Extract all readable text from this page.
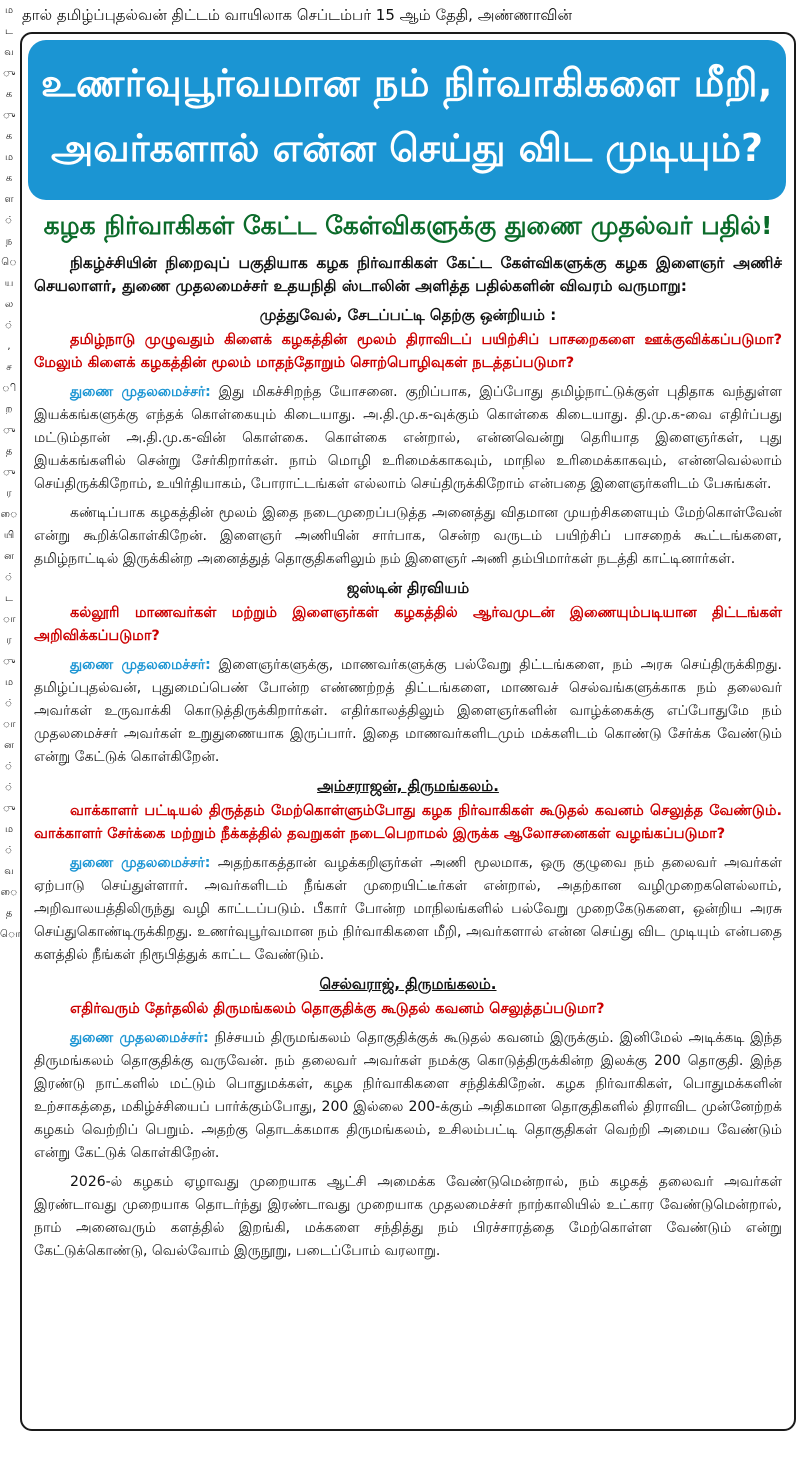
ம
ட
வ
ு
க
ு
க
ம
க
ள
்
ந
ெ
ய
ல
்
,
ச
ி
ற
ு
த
ு
ர
ை
யி
ன
்
ட
ா
ர
ு
ம
்
ா
ன
்
்
ு
ம
்
வ
ை
த
ொ
தால் தமிழ்ப்புதல்வன் திட்டம் வாயிலாக செப்டம்பர் 15 ஆம் தேதி, அண்ணாவின்
உணர்வுபூர்வமான நம் நிர்வாகிகளை மீறி,
அவர்களால் என்ன செய்து விட முடியும்?
கழக நிர்வாகிகள் கேட்ட கேள்விகளுக்கு துணை முதல்வர் பதில்!

நிகழ்ச்சியின் நிறைவுப் பகுதியாக கழக நிர்வாகிகள் கேட்ட கேள்விகளுக்கு கழக இளைஞர் அணிச் செயலாளர், துணை முதலமைச்சர் உதயநிதி ஸ்டாலின் அளித்த பதில்களின் விவரம் வருமாறு:

முத்துவேல், சேடப்பட்டி தெற்கு ஒன்றியம் :

தமிழ்நாடு முழுவதும் கிளைக் கழகத்தின் மூலம் திராவிடப் பயிற்சிப் பாசறைகளை ஊக்குவிக்கப்படுமா? மேலும் கிளைக் கழகத்தின் மூலம் மாதந்தோறும் சொற்பொழிவுகள் நடத்தப்படுமா?

துணை முதலமைச்சர்: இது மிகச்சிறந்த யோசனை. குறிப்பாக, இப்போது தமிழ்நாட்டுக்குள் புதிதாக வந்துள்ள இயக்கங்களுக்கு எந்தக் கொள்கையும் கிடையாது. அ.தி.மு.க-வுக்கும் கொள்கை கிடையாது. தி.மு.க-வை எதிர்ப்பது மட்டும்தான் அ.தி.மு.க-வின் கொள்கை. கொள்கை என்றால், என்னவென்று தெரியாத இளைஞர்கள், புது இயக்கங்களில் சென்று சேர்கிறார்கள். நாம் மொழி உரிமைக்காகவும், மாநில உரிமைக்காகவும், என்னவெல்லாம் செய்திருக்கிறோம், உயிர்தியாகம், போராட்டங்கள் எல்லாம் செய்திருக்கிறோம் என்பதை இளைஞர்களிடம் பேசுங்கள்.

கண்டிப்பாக கழகத்தின் மூலம் இதை நடைமுறைப்படுத்த அனைத்து விதமான முயற்சிகளையும் மேற்கொள்வேன் என்று கூறிக்கொள்கிறேன். இளைஞர் அணியின் சார்பாக, சென்ற வருடம் பயிற்சிப் பாசறைக் கூட்டங்களை, தமிழ்நாட்டில் இருக்கின்ற அனைத்துத் தொகுதிகளிலும் நம் இளைஞர் அணி தம்பிமார்கள் நடத்தி காட்டினார்கள்.

ஜஸ்டின் திரவியம்

கல்லூரி மாணவர்கள் மற்றும் இளைஞர்கள் கழகத்தில் ஆர்வமுடன் இணையும்படியான திட்டங்கள் அறிவிக்கப்படுமா?

துணை முதலமைச்சர்: இளைஞர்களுக்கு, மாணவர்களுக்கு பல்வேறு திட்டங்களை, நம் அரசு செய்திருக்கிறது. தமிழ்ப்புதல்வன், புதுமைப்பெண் போன்ற எண்ணற்றத் திட்டங்களை, மாணவச் செல்வங்களுக்காக நம் தலைவர் அவர்கள் உருவாக்கி கொடுத்திருக்கிறார்கள். எதிர்காலத்திலும் இளைஞர்களின் வாழ்க்கைக்கு எப்போதுமே நம் முதலமைச்சர் அவர்கள் உறுதுணையாக இருப்பார். இதை மாணவர்களிடமும் மக்களிடம் கொண்டு சேர்க்க வேண்டும் என்று கேட்டுக் கொள்கிறேன்.

அம்சராஜன், திருமங்கலம்.

வாக்காளர் பட்டியல் திருத்தம் மேற்கொள்ளும்போது கழக நிர்வாகிகள் கூடுதல் கவனம் செலுத்த வேண்டும். வாக்காளர் சேர்க்கை மற்றும் நீக்கத்தில் தவறுகள் நடைபெறாமல் இருக்க ஆலோசனைகள் வழங்கப்படுமா?

துணை முதலமைச்சர்: அதற்காகத்தான் வழக்கறிஞர்கள் அணி மூலமாக, ஒரு குழுவை நம் தலைவர் அவர்கள் ஏற்பாடு செய்துள்ளார். அவர்களிடம் நீங்கள் முறையிட்டீர்கள் என்றால், அதற்கான வழிமுறைகளெல்லாம், அறிவாலயத்திலிருந்து வழி காட்டப்படும். பீகார் போன்ற மாநிலங்களில் பல்வேறு முறைகேடுகளை, ஒன்றிய அரசு செய்துகொண்டிருக்கிறது. உணர்வுபூர்வமான நம் நிர்வாகிகளை மீறி, அவர்களால் என்ன செய்து விட முடியும் என்பதை களத்தில் நீங்கள் நிரூபித்துக் காட்ட வேண்டும்.

செல்வராஜ், திருமங்கலம்.

எதிர்வரும் தேர்தலில் திருமங்கலம் தொகுதிக்கு கூடுதல் கவனம் செலுத்தப்படுமா?

துணை முதலமைச்சர்: நிச்சயம் திருமங்கலம் தொகுதிக்குக் கூடுதல் கவனம் இருக்கும். இனிமேல் அடிக்கடி இந்த திருமங்கலம் தொகுதிக்கு வருவேன். நம் தலைவர் அவர்கள் நமக்கு கொடுத்திருக்கின்ற இலக்கு 200 தொகுதி. இந்த இரண்டு நாட்களில் மட்டும் பொதுமக்கள், கழக நிர்வாகிகளை சந்திக்கிறேன். கழக நிர்வாகிகள், பொதுமக்களின் உற்சாகத்தை, மகிழ்ச்சியைப் பார்க்கும்போது, 200 இல்லை 200-க்கும் அதிகமான தொகுதிகளில் திராவிட முன்னேற்றக் கழகம் வெற்றிப் பெறும். அதற்கு தொடக்கமாக திருமங்கலம், உசிலம்பட்டி தொகுதிகள் வெற்றி அமைய வேண்டும் என்று கேட்டுக் கொள்கிறேன்.

2026-ல் கழகம் ஏழாவது முறையாக ஆட்சி அமைக்க வேண்டுமென்றால், நம் கழகத் தலைவர் அவர்கள் இரண்டாவது முறையாக தொடர்ந்து இரண்டாவது முறையாக முதலமைச்சர் நாற்காலியில் உட்கார வேண்டுமென்றால், நாம் அனைவரும் களத்தில் இறங்கி, மக்களை சந்தித்து நம் பிரச்சாரத்தை மேற்கொள்ள வேண்டும் என்று கேட்டுக்கொண்டு, வெல்வோம் இருநூறு, படைப்போம் வரலாறு.
